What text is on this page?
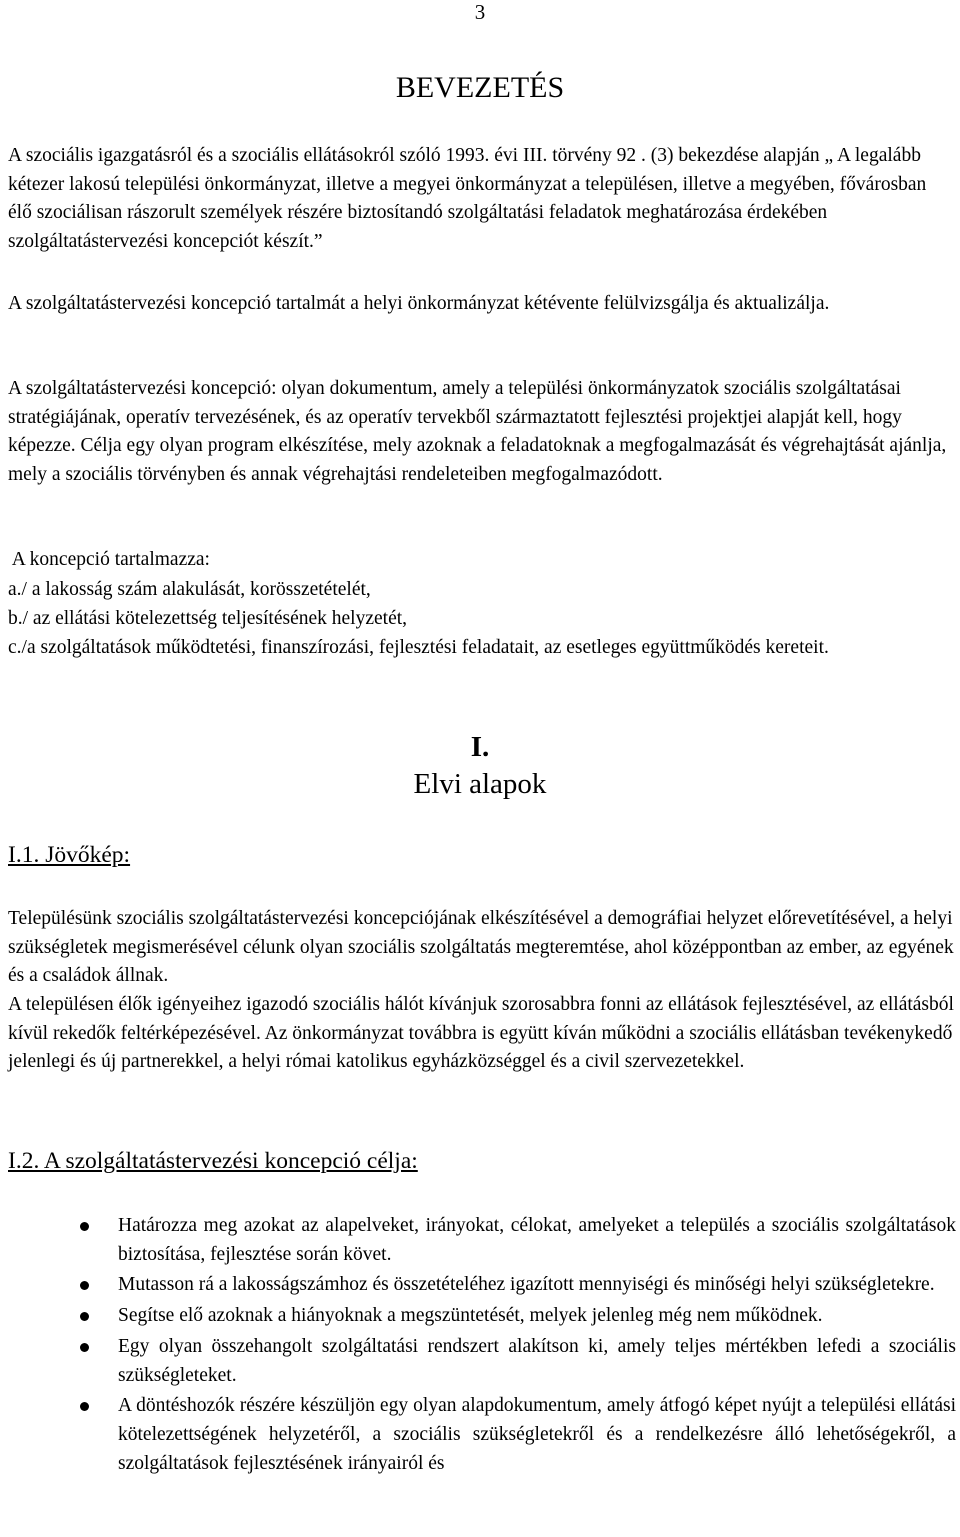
3
BEVEZETÉS

A szociális igazgatásról és a szociális ellátásokról szóló 1993. évi III. törvény 92 . (3) bekezdése alapján „ A legalább kétezer lakosú települési önkormányzat, illetve a megyei önkormányzat a településen, illetve a megyében, fővárosban élő szociálisan rászorult személyek részére biztosítandó szolgáltatási feladatok meghatározása érdekében szolgáltatástervezési koncepciót készít.”

A szolgáltatástervezési koncepció tartalmát a helyi önkormányzat kétévente felülvizsgálja és aktualizálja.

A szolgáltatástervezési koncepció: olyan dokumentum, amely a települési önkormányzatok szociális szolgáltatásai stratégiájának, operatív tervezésének, és az operatív tervekből származtatott fejlesztési projektjei alapját kell, hogy képezze. Célja egy olyan program elkészítése, mely azoknak a feladatoknak a megfogalmazását és végrehajtását ajánlja, mely a szociális törvényben és annak végrehajtási rendeleteiben megfogalmazódott.

A koncepció tartalmazza:
a./ a lakosság szám alakulását, korösszetételét,
b./ az ellátási kötelezettség teljesítésének helyzetét,

c./a szolgáltatások működtetési, finanszírozási, fejlesztési feladatait, az esetleges együttműködés kereteit.

I.
Elvi alapok
I.1. Jövőkép:

Településünk szociális szolgáltatástervezési koncepciójának elkészítésével a demográfiai helyzet előrevetítésével, a helyi szükségletek megismerésével célunk olyan szociális szolgáltatás megteremtése, ahol középpontban az ember, az egyének és a családok állnak.

A településen élők igényeihez igazodó szociális hálót kívánjuk szorosabbra fonni az ellátások fejlesztésével, az ellátásból kívül rekedők feltérképezésével. Az önkormányzat továbbra is együtt kíván működni a szociális ellátásban tevékenykedő jelenlegi és új partnerekkel, a helyi római katolikus egyházközséggel és a civil szervezetekkel.

I.2. A szolgáltatástervezési koncepció célja:
Határozza meg azokat az alapelveket, irányokat, célokat, amelyeket a település a szociális szolgáltatások biztosítása, fejlesztése során követ.
Mutasson rá a lakosságszámhoz és összetételéhez igazított mennyiségi és minőségi helyi szükségletekre.
Segítse elő azoknak a hiányoknak a megszüntetését, melyek jelenleg még nem működnek.
Egy olyan összehangolt szolgáltatási rendszert alakítson ki, amely teljes mértékben lefedi a szociális szükségleteket.
A döntéshozók részére készüljön egy olyan alapdokumentum, amely átfogó képet nyújt a települési ellátási kötelezettségének helyzetéről, a szociális szükségletekről és a rendelkezésre álló lehetőségekről, a szolgáltatások fejlesztésének irányairól és
